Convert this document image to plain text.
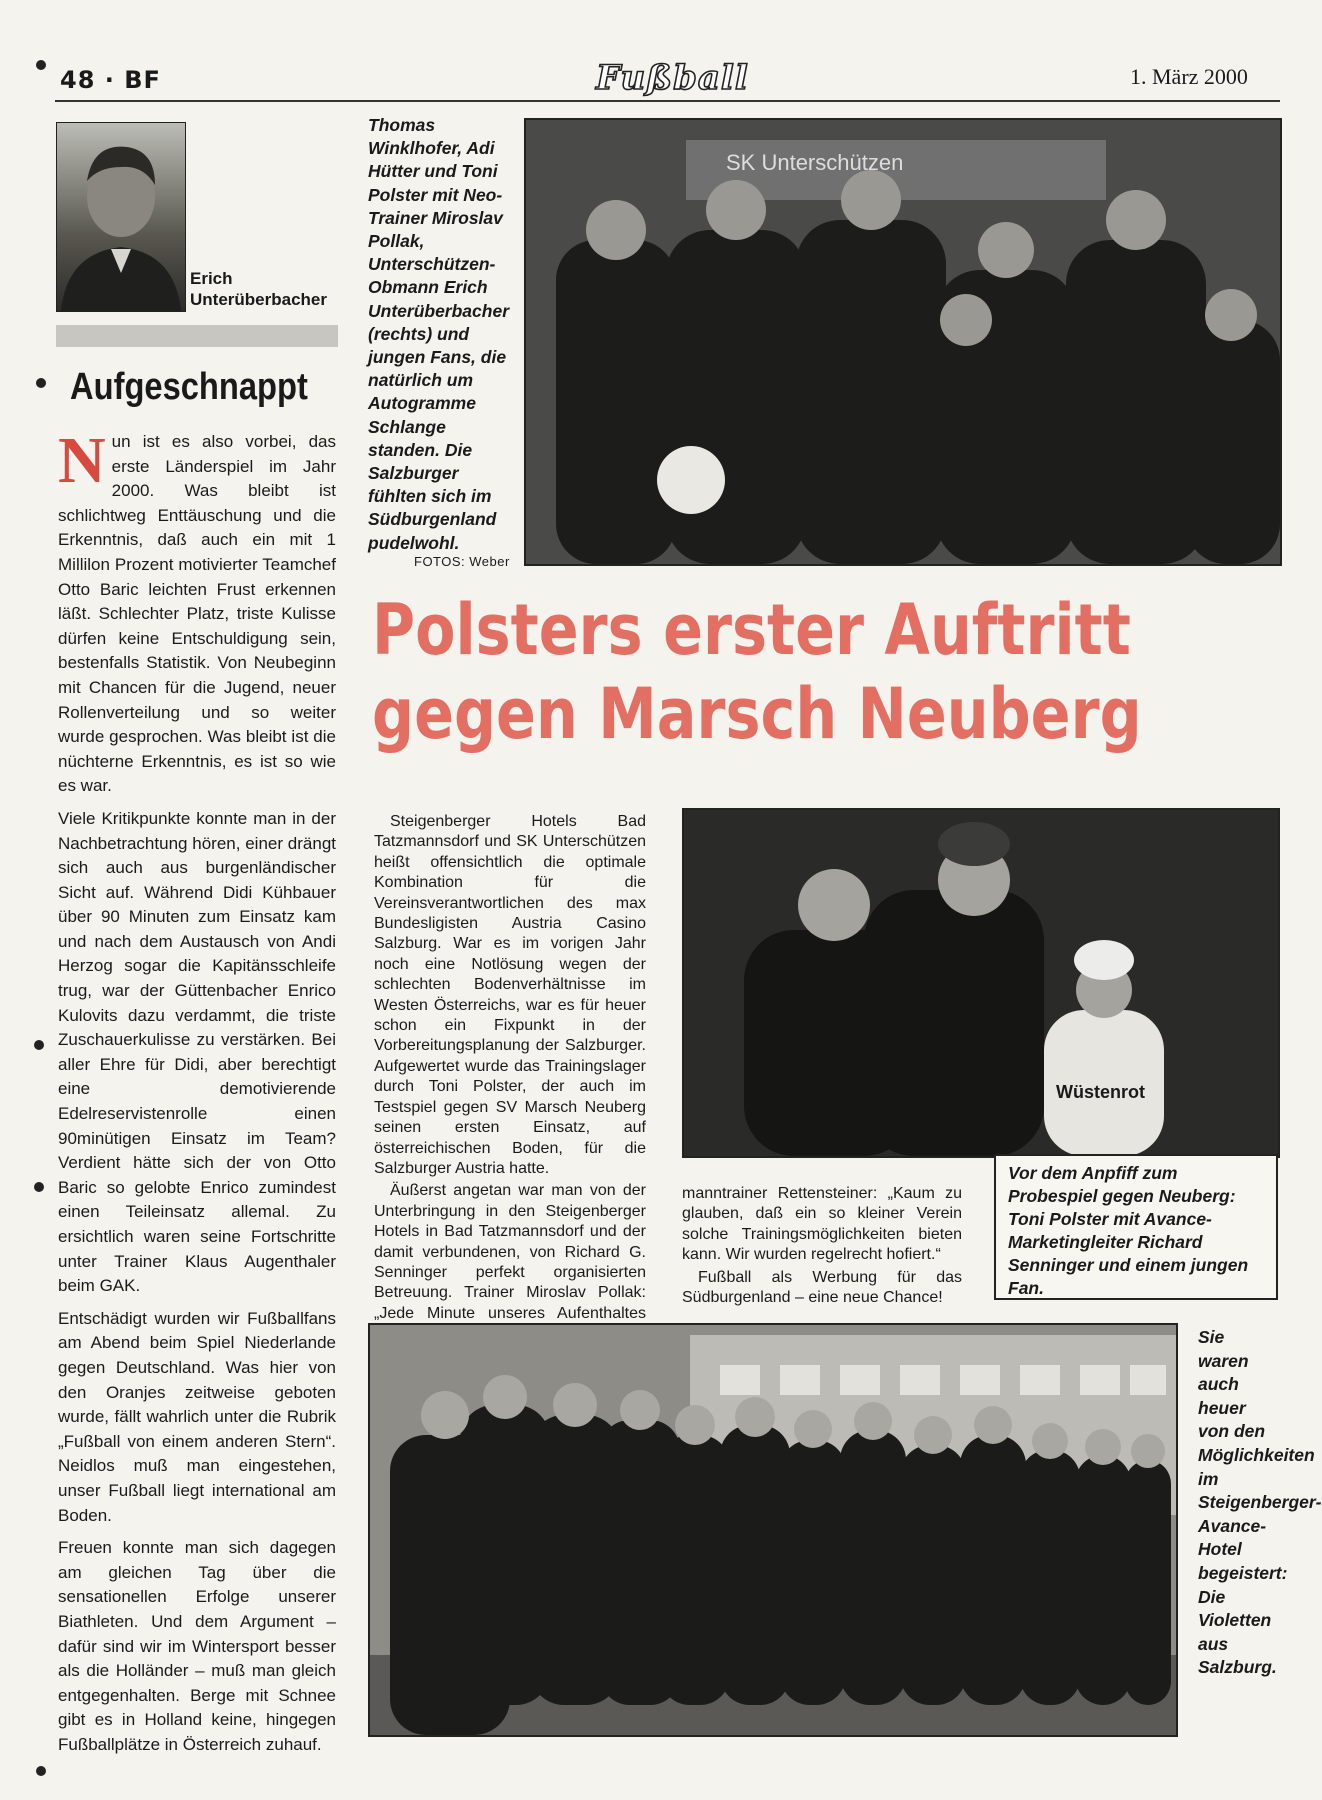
48 · BF	Fußball	1. März 2000
Erich Unterüberbacher
Aufgeschnappt

Nun ist es also vorbei, das erste Länderspiel im Jahr 2000. Was bleibt ist schlichtweg Enttäuschung und die Erkenntnis, daß auch ein mit 1 Millilon Prozent motivierter Teamchef Otto Baric leichten Frust erkennen läßt. Schlechter Platz, triste Kulisse dürfen keine Entschuldigung sein, bestenfalls Statistik. Von Neubeginn mit Chancen für die Jugend, neuer Rollenverteilung und so weiter wurde gesprochen. Was bleibt ist die nüchterne Erkenntnis, es ist so wie es war.

Viele Kritikpunkte konnte man in der Nachbetrachtung hören, einer drängt sich auch aus burgenländischer Sicht auf. Während Didi Kühbauer über 90 Minuten zum Einsatz kam und nach dem Austausch von Andi Herzog sogar die Kapitänsschleife trug, war der Güttenbacher Enrico Kulovits dazu verdammt, die triste Zuschauerkulisse zu verstärken. Bei aller Ehre für Didi, aber berechtigt eine demotivierende Edelreservistenrolle einen 90minütigen Einsatz im Team? Verdient hätte sich der von Otto Baric so gelobte Enrico zumindest einen Teileinsatz allemal. Zu ersichtlich waren seine Fortschritte unter Trainer Klaus Augenthaler beim GAK.

Entschädigt wurden wir Fußballfans am Abend beim Spiel Niederlande gegen Deutschland. Was hier von den Oranjes zeitweise geboten wurde, fällt wahrlich unter die Rubrik „Fußball von einem anderen Stern“. Neidlos muß man eingestehen, unser Fußball liegt international am Boden.

Freuen konnte man sich dagegen am gleichen Tag über die sensationellen Erfolge unserer Biathleten. Und dem Argument – dafür sind wir im Wintersport besser als die Holländer – muß man gleich entgegenhalten. Berge mit Schnee gibt es in Holland keine, hingegen Fußballplätze in Österreich zuhauf.

Thomas Winklhofer, Adi Hütter und Toni Polster mit Neo-Trainer Miroslav Pollak, Unterschützen-Obmann Erich Unterüberbacher (rechts) und jungen Fans, die natürlich um Autogramme Schlange standen. Die Salzburger fühlten sich im Südburgenland pudelwohl.
FOTOS: Weber
SK Unterschützen
Polsters erster Auftritt
gegen Marsch Neuberg

Steigenberger Hotels Bad Tatzmannsdorf und SK Unterschützen heißt offensichtlich die optimale Kombination für die Vereinsverantwortlichen des max Bundesligisten Austria Casino Salzburg. War es im vorigen Jahr noch eine Notlösung wegen der schlechten Bodenverhältnisse im Westen Österreichs, war es für heuer schon ein Fixpunkt in der Vorbereitungsplanung der Salzburger. Aufgewertet wurde das Trainingslager durch Toni Polster, der auch im Testspiel gegen SV Marsch Neuberg seinen ersten Einsatz, auf österreichischen Boden, für die Salzburger Austria hatte.

Äußerst angetan war man von der Unterbringung in den Steigenberger Hotels in Bad Tatzmannsdorf und der damit verbundenen, von Richard G. Senninger perfekt organisierten Betreuung. Trainer Miroslav Pollak: „Jede Minute unseres Aufenthaltes

manntrainer Rettensteiner: „Kaum zu glauben, daß ein so kleiner Verein solche Trainingsmöglichkeiten bieten kann. Wir wurden regelrecht hofiert.“

Fußball als Werbung für das Südburgenland – eine neue Chance!

Wüstenrot
Vor dem Anpfiff zum Probespiel gegen Neuberg: Toni Polster mit Avance-Marketingleiter Richard Senninger und einem jungen Fan.
Sie waren auch heuer von den Möglichkeiten im Steigenberger-Avance-Hotel begeistert: Die Violetten aus Salzburg.
